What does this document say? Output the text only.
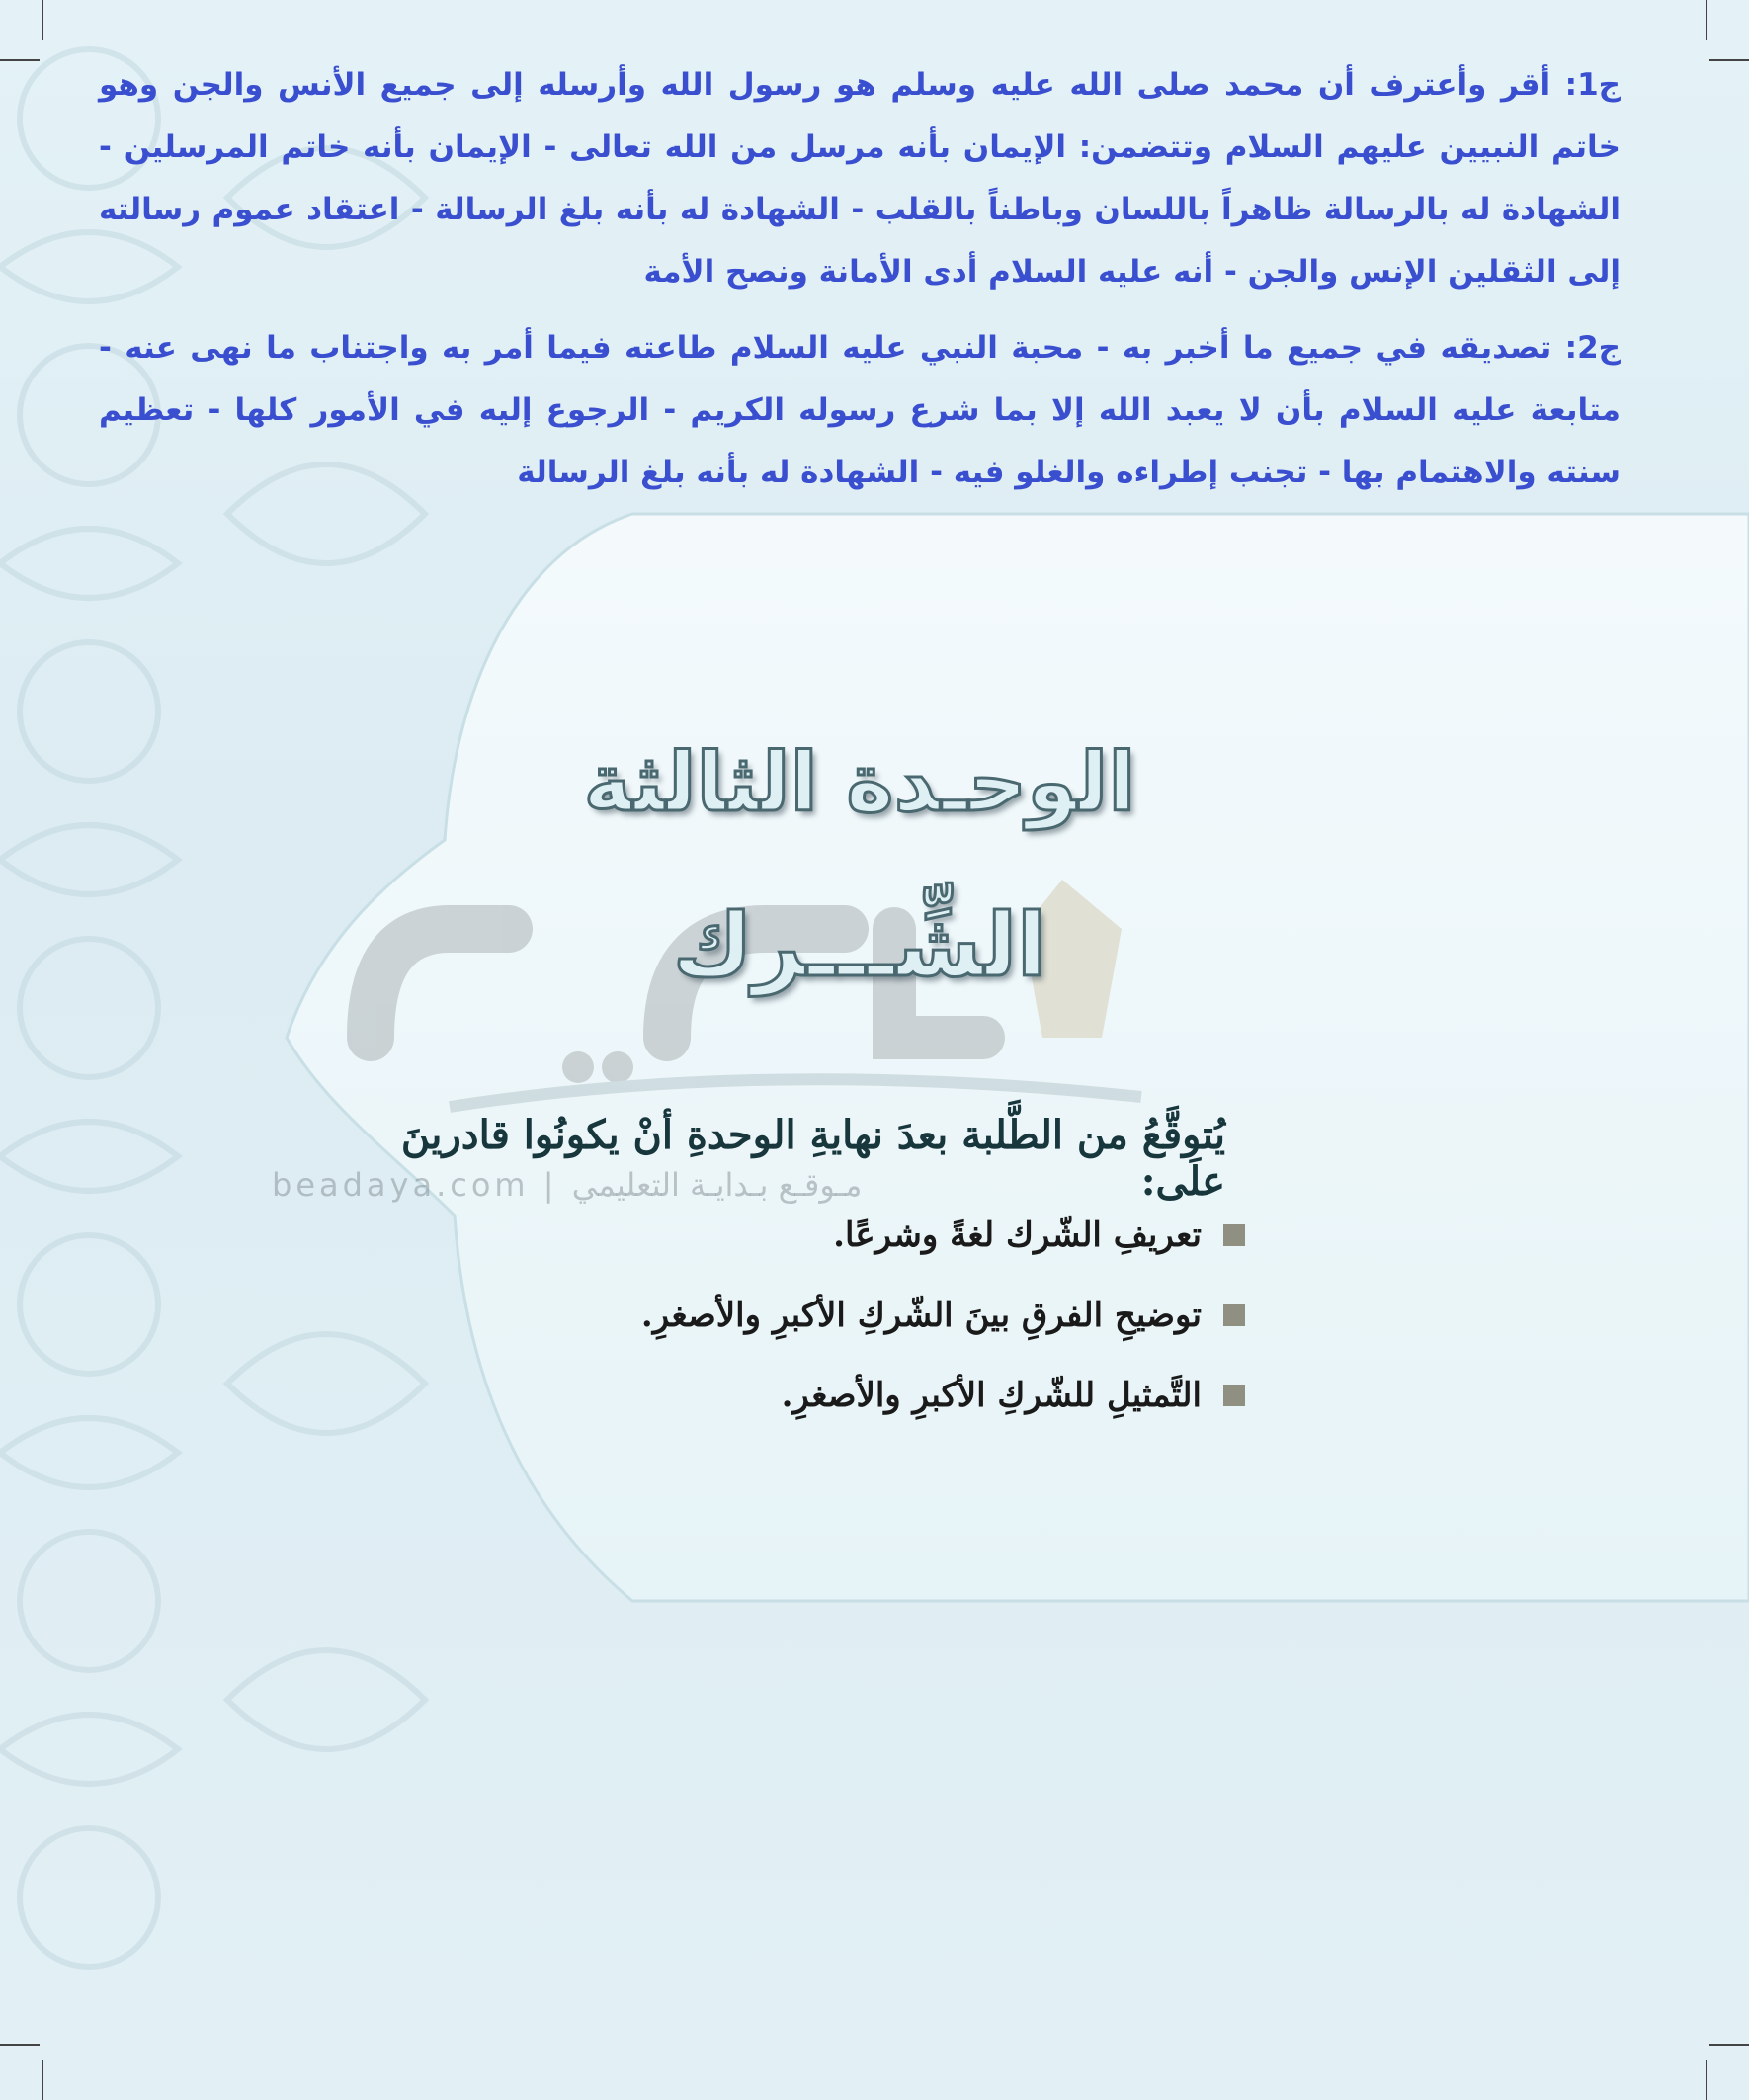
ج1: أقر وأعترف أن محمد صلى الله عليه وسلم هو رسول الله وأرسله إلى جميع الأنس والجن وهو خاتم النبيين عليهم السلام وتتضمن: الإيمان بأنه مرسل من الله تعالى - الإيمان بأنه خاتم المرسلين - الشهادة له بالرسالة ظاهراً باللسان وباطناً بالقلب - الشهادة له بأنه بلغ الرسالة - اعتقاد عموم رسالته إلى الثقلين الإنس والجن - أنه عليه السلام أدى الأمانة ونصح الأمة

ج2: تصديقه في جميع ما أخبر به - محبة النبي عليه السلام طاعته فيما أمر به واجتناب ما نهى عنه - متابعة عليه السلام بأن لا يعبد الله إلا بما شرع رسوله الكريم - الرجوع إليه في الأمور كلها - تعظيم سنته والاهتمام بها - تجنب إطراءه والغلو فيه - الشهادة له بأنه بلغ الرسالة

beadaya.com | مـوقـع بـدايـة التعليمي
الوحـدة الثالثة
الشِّـــرك
يُتوقَّعُ من الطَّلبة بعدَ نهايةِ الوحدةِ أنْ يكونُوا قادرينَ علَى:
تعريفِ الشّرك لغةً وشرعًا.
توضيحِ الفرقِ بينَ الشّركِ الأكبرِ والأصغرِ.
التَّمثيلِ للشّركِ الأكبرِ والأصغرِ.
